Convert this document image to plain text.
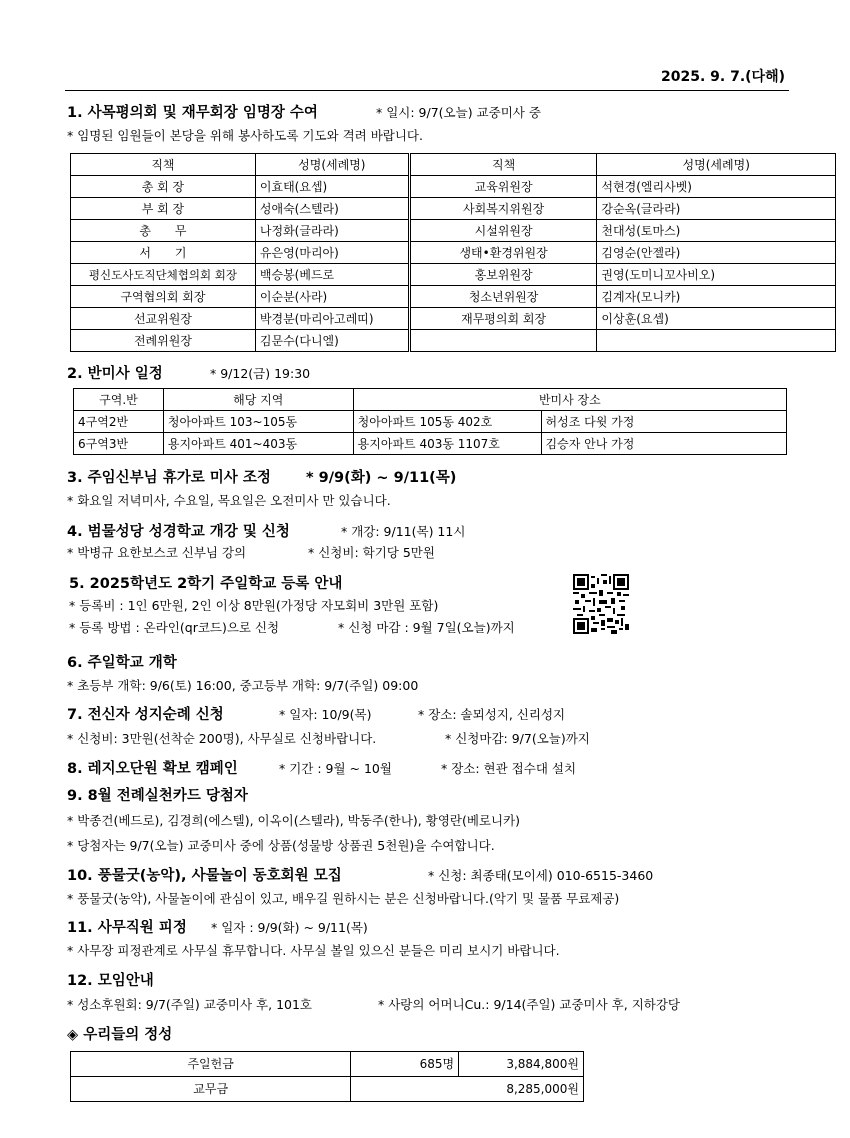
2025. 9. 7.(다해)
1. 사목평의회 및 재무회장 임명장 수여	* 일시: 9/7(오늘) 교중미사 중
* 임명된 임원들이 본당을 위해 봉사하도록 기도와 격려 바랍니다.
직책	성명(세례명)	직책	성명(세례명)
총 회 장	이효태(요셉)	교육위원장	석현경(엘리사벳)
부 회 장	성애숙(스텔라)	사회복지위원장	강순옥(글라라)
총　　무	나정화(글라라)	시설위원장	천대성(토마스)
서　　기	유은영(마리아)	생태•환경위원장	김영순(안젤라)
평신도사도직단체협의회 회장	백승봉(베드로	홍보위원장	권영(도미니꼬사비오)
구역협의회 회장	이순분(사라)	청소년위원장	김계자(모니카)
선교위원장	박경분(마리아고레띠)	재무평의회 회장	이상훈(요셉)
전례위원장	김문수(다니엘)		
2. 반미사 일정	* 9/12(금) 19:30
구역.반	해당 지역	반미사 장소	
4구역2반	청아아파트 103~105동	청아아파트 105동 402호	허성조 다윗 가정
6구역3반	용지아파트 401~403동	용지아파트 403동 1107호	김승자 안나 가정
3. 주임신부님 휴가로 미사 조정 * 9/9(화) ~ 9/11(목)
* 화요일 저녁미사, 수요일, 목요일은 오전미사 만 있습니다.
4. 범물성당 성경학교 개강 및 신청	* 개강: 9/11(목) 11시
* 박병규 요한보스코 신부님 강의	* 신청비: 학기당 5만원
5. 2025학년도 2학기 주일학교 등록 안내
* 등록비 : 1인 6만원, 2인 이상 8만원(가정당 자모회비 3만원 포함)
* 등록 방법 : 온라인(qr코드)으로 신청	* 신청 마감 : 9월 7일(오늘)까지
6. 주일학교 개학
* 초등부 개학: 9/6(토) 16:00, 중고등부 개학: 9/7(주일) 09:00
7. 전신자 성지순례 신청	* 일자: 10/9(목)	* 장소: 솔뫼성지, 신리성지
* 신청비: 3만원(선착순 200명), 사무실로 신청바랍니다.	* 신청마감: 9/7(오늘)까지
8. 레지오단원 확보 캠페인	* 기간 : 9월 ~ 10월	* 장소: 현관 접수대 설치
9. 8월 전례실천카드 당첨자
* 박종건(베드로), 김경희(에스텔), 이옥이(스텔라), 박동주(한나), 황영란(베로니카)
* 당첨자는 9/7(오늘) 교중미사 중에 상품(성물방 상품권 5천원)을 수여합니다.
10. 풍물굿(농악), 사물놀이 동호회원 모집	* 신청: 최종태(모이세) 010-6515-3460
* 풍물굿(농악), 사물놀이에 관심이 있고, 배우길 원하시는 분은 신청바랍니다.(악기 및 물품 무료제공)
11. 사무직원 피정 * 일자 : 9/9(화) ~ 9/11(목)
* 사무장 피정관계로 사무실 휴무합니다. 사무실 볼일 있으신 분들은 미리 보시기 바랍니다.
12. 모임안내
* 성소후원회: 9/7(주일) 교중미사 후, 101호	* 사랑의 어머니Cu.: 9/14(주일) 교중미사 후, 지하강당
◈ 우리들의 정성
주일헌금	685명	3,884,800원
교무금	8,285,000원	
